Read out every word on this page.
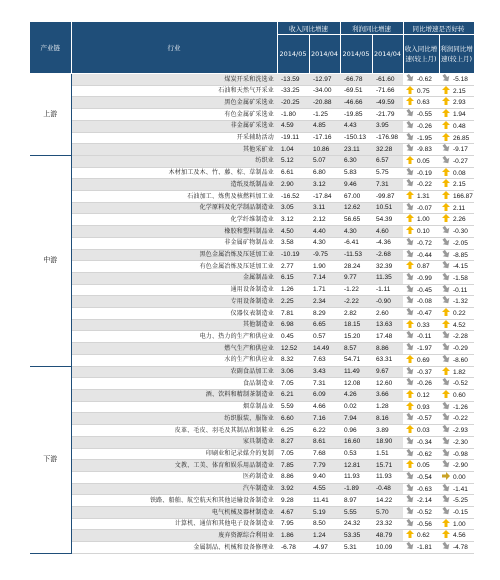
产业链	行业	收入同比增速		利润同比增速		同比增速是否好转	
		2014/05	2014/04	2014/05	2014/04	收入同比增速(较上月)	利润同比增速(较上月)
上游	煤炭开采和洗选业	-13.59	-12.97	-66.78	-61.60	-0.62	-5.18
	石油和天然气开采业	-33.25	-34.00	-69.51	-71.66	0.75	2.15
	黑色金属矿采选业	-20.25	-20.88	-46.66	-49.59	0.63	2.93
	有色金属矿采选业	-1.80	-1.25	-19.85	-21.79	-0.55	1.94
	非金属矿采选业	4.59	4.85	4.43	3.95	-0.26	0.48
	开采辅助活动	-19.11	-17.16	-150.13	-176.98	-1.95	26.85
	其他采矿业	1.04	10.86	23.11	32.28	-9.83	-9.17
中游	纺织业	5.12	5.07	6.30	6.57	0.05	-0.27
	木材加工及木、竹、藤、棕、草制品业	6.61	6.80	5.83	5.75	-0.19	0.08
	造纸及纸制品业	2.90	3.12	9.46	7.31	-0.22	2.15
	石油加工、炼焦及核燃料加工业	-16.52	-17.84	67.00	-99.87	1.31	166.87
	化学原料及化学制品制造业	3.05	3.11	12.62	10.51	-0.07	2.11
	化学纤维制造业	3.12	2.12	56.65	54.39	1.00	2.26
	橡胶和塑料制品业	4.50	4.40	4.30	4.60	0.10	-0.30
	非金属矿物制品业	3.58	4.30	-6.41	-4.36	-0.72	-2.05
	黑色金属冶炼及压延加工业	-10.19	-9.75	-11.53	-2.68	-0.44	-8.85
	有色金属冶炼及压延加工业	2.77	1.90	28.24	32.39	0.87	-4.15
	金属制品业	6.15	7.14	9.77	11.35	-0.99	-1.58
	通用设备制造业	1.26	1.71	-1.22	-1.11	-0.45	-0.11
	专用设备制造业	2.25	2.34	-2.22	-0.90	-0.08	-1.32
	仪器仪表制造业	7.81	8.29	2.82	2.60	-0.47	0.22
	其他制造业	6.98	6.65	18.15	13.63	0.33	4.52
	电力、热力的生产和供应业	0.45	0.57	15.20	17.48	-0.11	-2.28
	燃气生产和供应业	12.52	14.49	8.57	8.86	-1.97	-0.29
	水的生产和供应业	8.32	7.63	54.71	63.31	0.69	-8.60
下游	农副食品加工业	3.06	3.43	11.49	9.67	-0.37	1.82
	食品制造业	7.05	7.31	12.08	12.60	-0.26	-0.52
	酒、饮料和精制茶制造业	6.21	6.09	4.26	3.66	0.12	0.60
	烟草制品业	5.59	4.66	0.02	1.28	0.93	-1.26
	纺织服装、服饰业	6.60	7.16	7.94	8.16	-0.57	-0.22
	皮革、毛皮、羽毛及其制品和制鞋业	6.25	6.22	0.96	3.89	0.03	-2.93
	家具制造业	8.27	8.61	16.60	18.90	-0.34	-2.30
	印刷业和记录媒介的复制	7.05	7.68	0.53	1.51	-0.62	-0.98
	文教、工美、体育和娱乐用品制造业	7.85	7.79	12.81	15.71	0.05	-2.90
	医药制造业	8.86	9.40	11.93	11.93	-0.54	0.00
	汽车制造业	3.92	4.55	-1.89	-0.48	-0.63	-1.41
	铁路、船舶、航空航天和其他运输设备制造业	9.28	11.41	8.97	14.22	-2.14	-5.25
	电气机械及器材制造业	4.67	5.19	5.55	5.70	-0.52	-0.15
	计算机、通信和其他电子设备制造业	7.95	8.50	24.32	23.32	-0.56	1.00
	废弃资源综合利用业	1.86	1.24	53.35	48.79	0.62	4.56
	金属制品、机械和设备修理业	-6.78	-4.97	5.31	10.09	-1.81	-4.78
